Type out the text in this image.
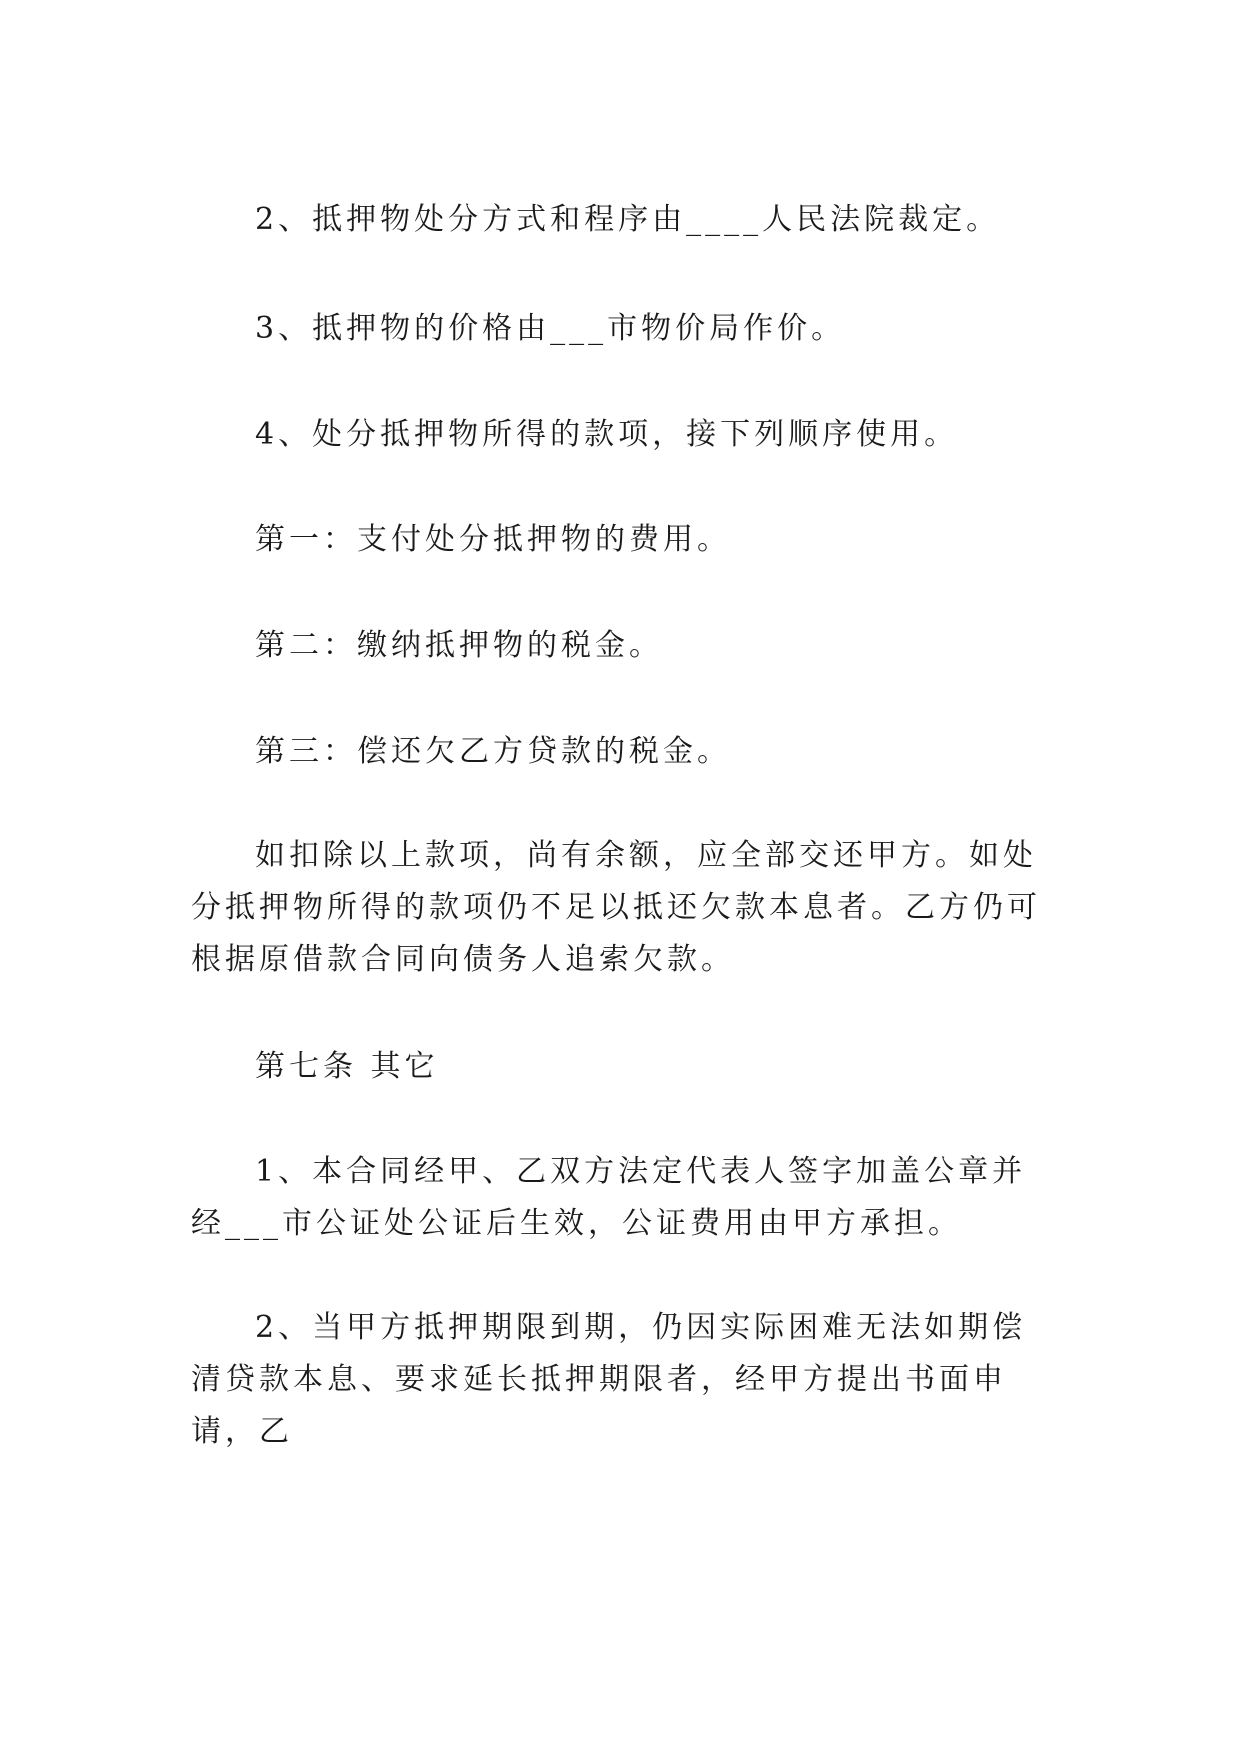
2、抵押物处分方式和程序由____人民法院裁定。

3、抵押物的价格由___市物价局作价。

4、处分抵押物所得的款项，接下列顺序使用。

第一：支付处分抵押物的费用。

第二：缴纳抵押物的税金。

第三：偿还欠乙方贷款的税金。

如扣除以上款项，尚有余额，应全部交还甲方。如处分抵押物所得的款项仍不足以抵还欠款本息者。乙方仍可根据原借款合同向债务人追索欠款。

第七条 其它

1、本合同经甲、乙双方法定代表人签字加盖公章并经___市公证处公证后生效，公证费用由甲方承担。

2、当甲方抵押期限到期，仍因实际困难无法如期偿清贷款本息、要求延长抵押期限者，经甲方提出书面申请，乙
